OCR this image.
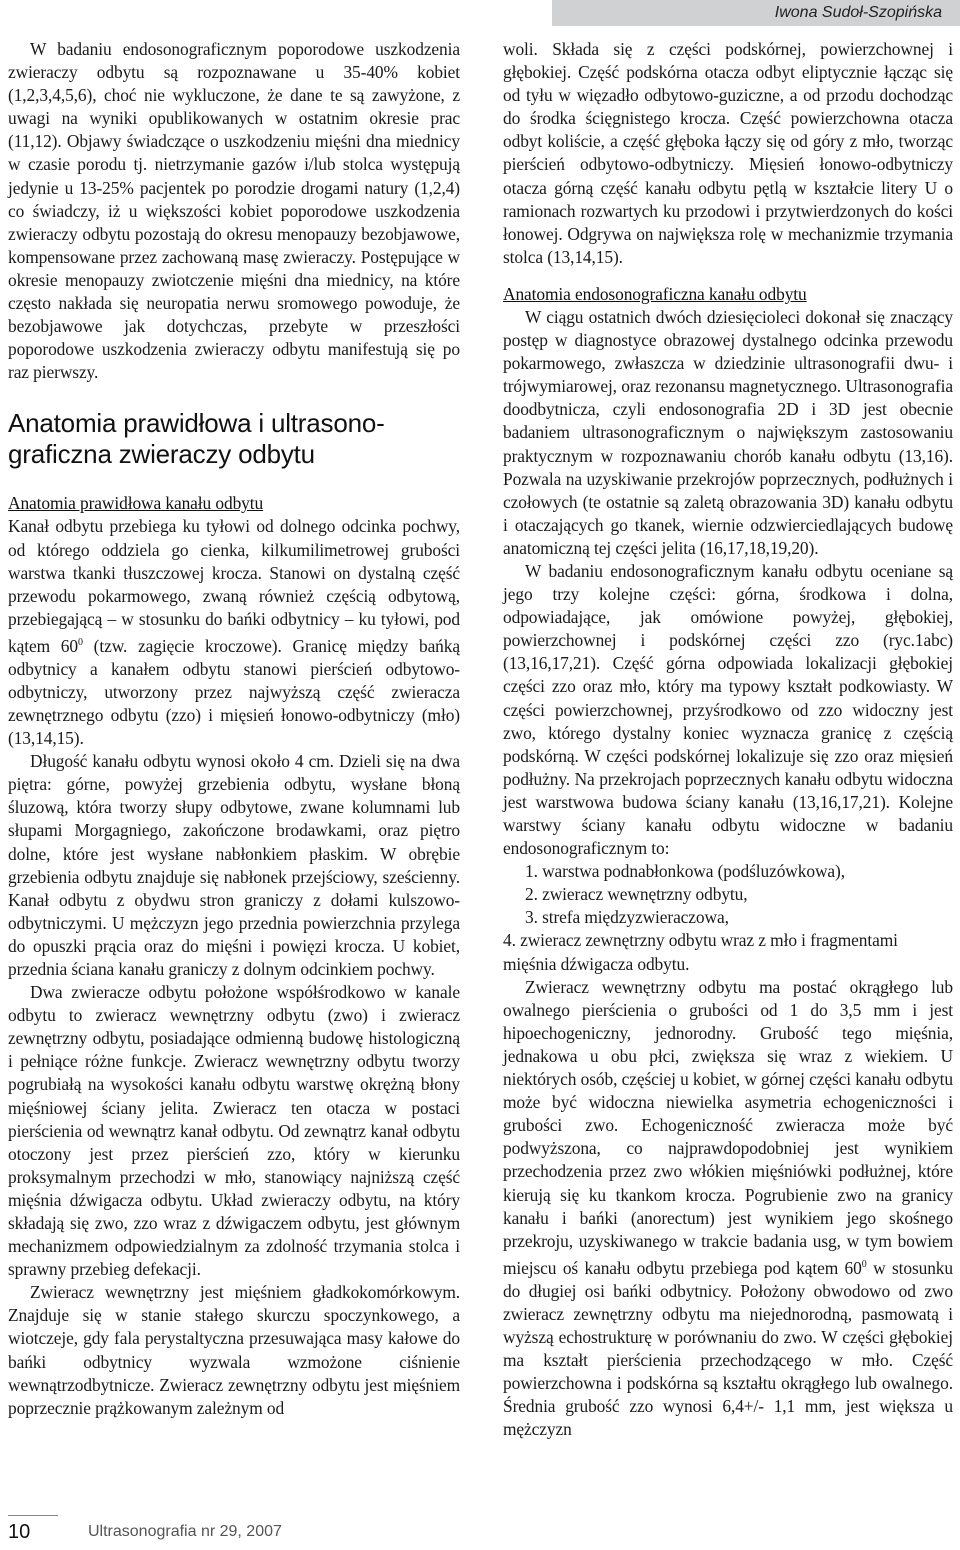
Iwona Sudoł-Szopińska

W badaniu endosonograficznym poporodowe uszkodzenia zwieraczy odbytu są rozpoznawane u 35-40% kobiet (1,2,3,4,5,6), choć nie wykluczone, że dane te są zawyżone, z uwagi na wyniki opublikowanych w ostatnim okresie prac (11,12). Objawy świadczące o uszkodzeniu mięśni dna miednicy w czasie porodu tj. nietrzymanie gazów i/lub stolca występują jedynie u 13-25% pacjentek po porodzie drogami natury (1,2,4) co świadczy, iż u większości kobiet poporodowe uszkodzenia zwieraczy odbytu pozostają do okresu menopauzy bezobjawowe, kompensowane przez zachowaną masę zwieraczy. Postępujące w okresie menopauzy zwiotczenie mięśni dna miednicy, na które często nakłada się neuropatia nerwu sromowego powoduje, że bezobjawowe jak dotychczas, przebyte w przeszłości poporodowe uszkodzenia zwieraczy odbytu manifestują się po raz pierwszy.

Anatomia prawidłowa i ultrasono-
graficzna zwieraczy odbytu
Anatomia prawidłowa kanału odbytu

Kanał odbytu przebiega ku tyłowi od dolnego odcinka pochwy, od którego oddziela go cienka, kilkumilimetrowej grubości warstwa tkanki tłuszczowej krocza. Stanowi on dystalną część przewodu pokarmowego, zwaną również częścią odbytową, przebiegającą – w stosunku do bańki odbytnicy – ku tyłowi, pod kątem $60^0$ (tzw. zagięcie kroczowe). Granicę między bańką odbytnicy a kanałem odbytu stanowi pierścień odbytowo-odbytniczy, utworzony przez najwyższą część zwieracza zewnętrznego odbytu (zzo) i mięsień łonowo-odbytniczy (mło) (13,14,15).

Długość kanału odbytu wynosi około 4 cm. Dzieli się na dwa piętra: górne, powyżej grzebienia odbytu, wysłane błoną śluzową, która tworzy słupy odbytowe, zwane kolumnami lub słupami Morgagniego, zakończone brodawkami, oraz piętro dolne, które jest wysłane nabłonkiem płaskim. W obrębie grzebienia odbytu znajduje się nabłonek przejściowy, sześcienny. Kanał odbytu z obydwu stron graniczy z dołami kulszowo-odbytniczymi. U mężczyzn jego przednia powierzchnia przylega do opuszki prącia oraz do mięśni i powięzi krocza. U kobiet, przednia ściana kanału graniczy z dolnym odcinkiem pochwy.

Dwa zwieracze odbytu położone współśrodkowo w kanale odbytu to zwieracz wewnętrzny odbytu (zwo) i zwieracz zewnętrzny odbytu, posiadające odmienną budowę histologiczną i pełniące różne funkcje. Zwieracz wewnętrzny odbytu tworzy pogrubiałą na wysokości kanału odbytu warstwę okrężną błony mięśniowej ściany jelita. Zwieracz ten otacza w postaci pierścienia od wewnątrz kanał odbytu. Od zewnątrz kanał odbytu otoczony jest przez pierścień zzo, który w kierunku proksymalnym przechodzi w mło, stanowiący najniższą część mięśnia dźwigacza odbytu. Układ zwieraczy odbytu, na który składają się zwo, zzo wraz z dźwigaczem odbytu, jest głównym mechanizmem odpowiedzialnym za zdolność trzymania stolca i sprawny przebieg defekacji.

Zwieracz wewnętrzny jest mięśniem gładkokomórkowym. Znajduje się w stanie stałego skurczu spoczynkowego, a wiotczeje, gdy fala perystaltyczna przesuwająca masy kałowe do bańki odbytnicy wyzwala wzmożone ciśnienie wewnątrzodbytnicze. Zwieracz zewnętrzny odbytu jest mięśniem poprzecznie prążkowanym zależnym od

woli. Składa się z części podskórnej, powierzchownej i głębokiej. Część podskórna otacza odbyt eliptycznie łącząc się od tyłu w więzadło odbytowo-guziczne, a od przodu dochodząc do środka ścięgnistego krocza. Część powierzchowna otacza odbyt koliście, a część głęboka łączy się od góry z mło, tworząc pierścień odbytowo-odbytniczy. Mięsień łonowo-odbytniczy otacza górną część kanału odbytu pętlą w kształcie litery U o ramionach rozwartych ku przodowi i przytwierdzonych do kości łonowej. Odgrywa on największa rolę w mechanizmie trzymania stolca (13,14,15).

Anatomia endosonograficzna kanału odbytu

W ciągu ostatnich dwóch dziesięcioleci dokonał się znaczący postęp w diagnostyce obrazowej dystalnego odcinka przewodu pokarmowego, zwłaszcza w dziedzinie ultrasonografii dwu- i trójwymiarowej, oraz rezonansu magnetycznego. Ultrasonografia doodbytnicza, czyli endosonografia 2D i 3D jest obecnie badaniem ultrasonograficznym o największym zastosowaniu praktycznym w rozpoznawaniu chorób kanału odbytu (13,16). Pozwala na uzyskiwanie przekrojów poprzecznych, podłużnych i czołowych (te ostatnie są zaletą obrazowania 3D) kanału odbytu i otaczających go tkanek, wiernie odzwierciedlających budowę anatomiczną tej części jelita (16,17,18,19,20).

W badaniu endosonograficznym kanału odbytu oceniane są jego trzy kolejne części: górna, środkowa i dolna, odpowiadające, jak omówione powyżej, głębokiej, powierzchownej i podskórnej części zzo (ryc.1abc) (13,16,17,21). Część górna odpowiada lokalizacji głębokiej części zzo oraz mło, który ma typowy kształt podkowiasty. W części powierzchownej, przyśrodkowo od zzo widoczny jest zwo, którego dystalny koniec wyznacza granicę z częścią podskórną. W części podskórnej lokalizuje się zzo oraz mięsień podłużny. Na przekrojach poprzecznych kanału odbytu widoczna jest warstwowa budowa ściany kanału (13,16,17,21). Kolejne warstwy ściany kanału odbytu widoczne w badaniu endosonograficznym to:

1. warstwa podnabłonkowa (podśluzówkowa),
2. zwieracz wewnętrzny odbytu,
3. strefa międzyzwieraczowa,
4. zwieracz zewnętrzny odbytu wraz z mło i fragmentami mięśnia dźwigacza odbytu.

Zwieracz wewnętrzny odbytu ma postać okrągłego lub owalnego pierścienia o grubości od 1 do 3,5 mm i jest hipoechogeniczny, jednorodny. Grubość tego mięśnia, jednakowa u obu płci, zwiększa się wraz z wiekiem. U niektórych osób, częściej u kobiet, w górnej części kanału odbytu może być widoczna niewielka asymetria echogeniczności i grubości zwo. Echogeniczność zwieracza może być podwyższona, co najprawdopodobniej jest wynikiem przechodzenia przez zwo włókien mięśniówki podłużnej, które kierują się ku tkankom krocza. Pogrubienie zwo na granicy kanału i bańki (anorectum) jest wynikiem jego skośnego przekroju, uzyskiwanego w trakcie badania usg, w tym bowiem miejscu oś kanału odbytu przebiega pod kątem $60^0$ w stosunku do długiej osi bańki odbytnicy. Położony obwodowo od zwo zwieracz zewnętrzny odbytu ma niejednorodną, pasmowatą i wyższą echostrukturę w porównaniu do zwo. W części głębokiej ma kształt pierścienia przechodzącego w mło. Część powierzchowna i podskórna są kształtu okrągłego lub owalnego. Średnia grubość zzo wynosi 6,4+/- 1,1 mm, jest większa u mężczyzn

10	Ultrasonografia nr 29, 2007
